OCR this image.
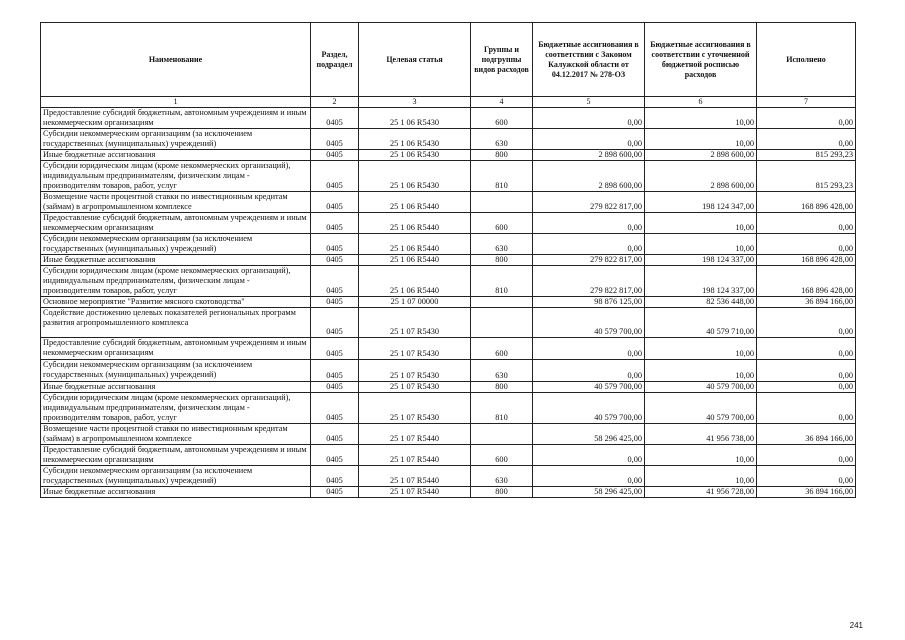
Наименование	Раздел, подраздел	Целевая статья	Группы и подгруппы видов расходов	Бюджетные ассигнования в соответствии с Законом Калужской области от 04.12.2017 № 278-ОЗ	Бюджетные ассигнования в соответствии с уточненной бюджетной росписью расходов	Исполнено
1	2	3	4	5	6	7
Предоставление субсидий бюджетным, автономным учреждениям и иным некоммерческим организациям	0405	25 1 06 R5430	600	0,00	10,00	0,00
Субсидии некоммерческим организациям (за исключением государственных (муниципальных) учреждений)	0405	25 1 06 R5430	630	0,00	10,00	0,00
Иные бюджетные ассигнования	0405	25 1 06 R5430	800	2 898 600,00	2 898 600,00	815 293,23
Субсидии юридическим лицам (кроме некоммерческих организаций), индивидуальным предпринимателям, физическим лицам - производителям товаров, работ, услуг	0405	25 1 06 R5430	810	2 898 600,00	2 898 600,00	815 293,23
Возмещение части процентной ставки по инвестиционным кредитам (займам) в агропромышленном комплексе	0405	25 1 06 R5440		279 822 817,00	198 124 347,00	168 896 428,00
Предоставление субсидий бюджетным, автономным учреждениям и иным некоммерческим организациям	0405	25 1 06 R5440	600	0,00	10,00	0,00
Субсидии некоммерческим организациям (за исключением государственных (муниципальных) учреждений)	0405	25 1 06 R5440	630	0,00	10,00	0,00
Иные бюджетные ассигнования	0405	25 1 06 R5440	800	279 822 817,00	198 124 337,00	168 896 428,00
Субсидии юридическим лицам (кроме некоммерческих организаций), индивидуальным предпринимателям, физическим лицам - производителям товаров, работ, услуг	0405	25 1 06 R5440	810	279 822 817,00	198 124 337,00	168 896 428,00
Основное мероприятие "Развитие мясного скотоводства"	0405	25 1 07 00000		98 876 125,00	82 536 448,00	36 894 166,00
Содействие достижению целевых показателей региональных программ развития агропромышленного комплекса	0405	25 1 07 R5430		40 579 700,00	40 579 710,00	0,00
Предоставление субсидий бюджетным, автономным учреждениям и иным некоммерческим организациям	0405	25 1 07 R5430	600	0,00	10,00	0,00
Субсидии некоммерческим организациям (за исключением государственных (муниципальных) учреждений)	0405	25 1 07 R5430	630	0,00	10,00	0,00
Иные бюджетные ассигнования	0405	25 1 07 R5430	800	40 579 700,00	40 579 700,00	0,00
Субсидии юридическим лицам (кроме некоммерческих организаций), индивидуальным предпринимателям, физическим лицам - производителям товаров, работ, услуг	0405	25 1 07 R5430	810	40 579 700,00	40 579 700,00	0,00
Возмещение части процентной ставки по инвестиционным кредитам (займам) в агропромышленном комплексе	0405	25 1 07 R5440		58 296 425,00	41 956 738,00	36 894 166,00
Предоставление субсидий бюджетным, автономным учреждениям и иным некоммерческим организациям	0405	25 1 07 R5440	600	0,00	10,00	0,00
Субсидии некоммерческим организациям (за исключением государственных (муниципальных) учреждений)	0405	25 1 07 R5440	630	0,00	10,00	0,00
Иные бюджетные ассигнования	0405	25 1 07 R5440	800	58 296 425,00	41 956 728,00	36 894 166,00
241
